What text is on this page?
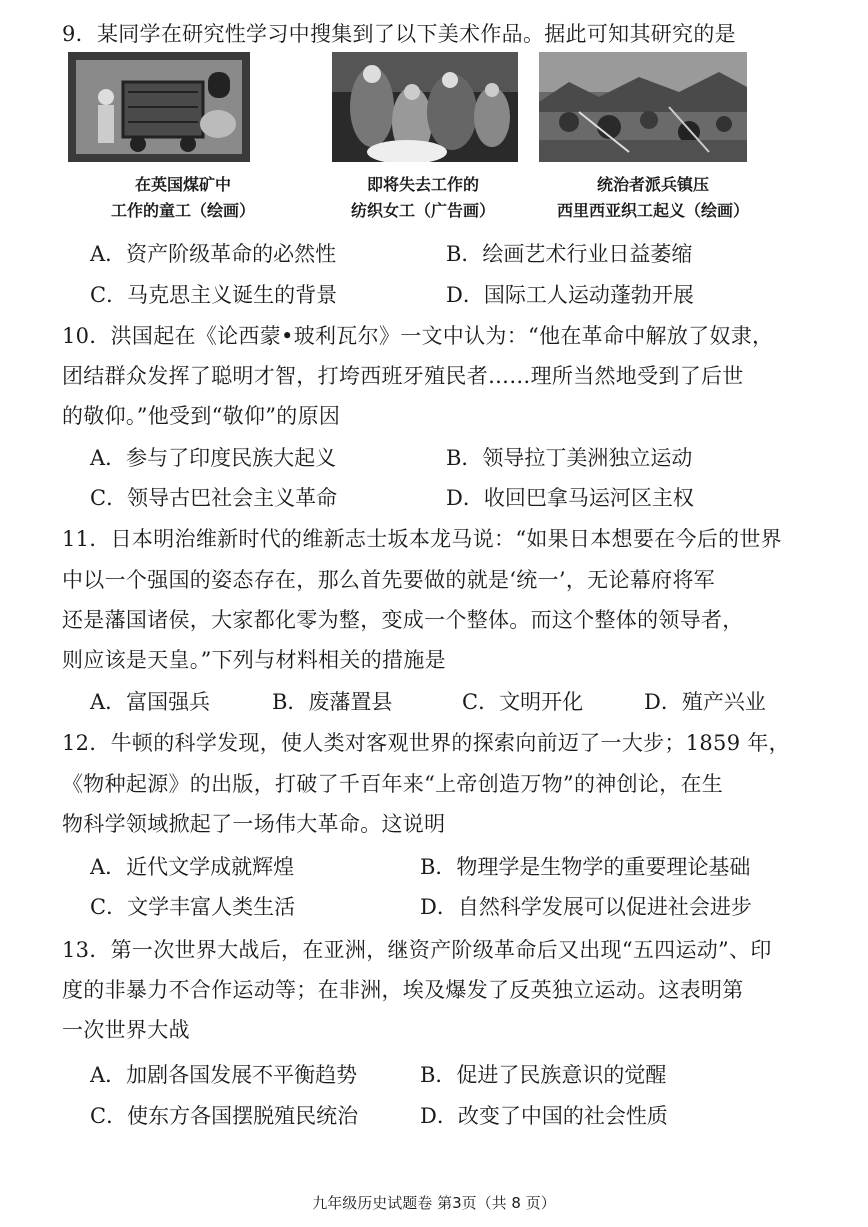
9．某同学在研究性学习中搜集到了以下美术作品。据此可知其研究的是
在英国煤矿中
工作的童工（绘画）
即将失去工作的
纺织女工（广告画）
统治者派兵镇压
西里西亚织工起义（绘画）
A．资产阶级革命的必然性	B．绘画艺术行业日益萎缩
C．马克思主义诞生的背景	D．国际工人运动蓬勃开展
10．洪国起在《论西蒙•玻利瓦尔》一文中认为：“他在革命中解放了奴隶，
团结群众发挥了聪明才智，打垮西班牙殖民者……理所当然地受到了后世
的敬仰。”他受到“敬仰”的原因
A．参与了印度民族大起义	B．领导拉丁美洲独立运动
C．领导古巴社会主义革命	D．收回巴拿马运河区主权
11．日本明治维新时代的维新志士坂本龙马说：“如果日本想要在今后的世界
中以一个强国的姿态存在，那么首先要做的就是‘统一’，无论幕府将军
还是藩国诸侯，大家都化零为整，变成一个整体。而这个整体的领导者，
则应该是天皇。”下列与材料相关的措施是
A．富国强兵	B．废藩置县	C．文明开化	D．殖产兴业
12．牛顿的科学发现，使人类对客观世界的探索向前迈了一大步；1859 年，
《物种起源》的出版，打破了千百年来“上帝创造万物”的神创论，在生
物科学领域掀起了一场伟大革命。这说明
A．近代文学成就辉煌	B．物理学是生物学的重要理论基础
C．文学丰富人类生活	D．自然科学发展可以促进社会进步
13．第一次世界大战后，在亚洲，继资产阶级革命后又出现“五四运动”、印
度的非暴力不合作运动等；在非洲，埃及爆发了反英独立运动。这表明第
一次世界大战
A．加剧各国发展不平衡趋势	B．促进了民族意识的觉醒
C．使东方各国摆脱殖民统治	D．改变了中国的社会性质
九年级历史试题卷 第3页（共 8 页）
